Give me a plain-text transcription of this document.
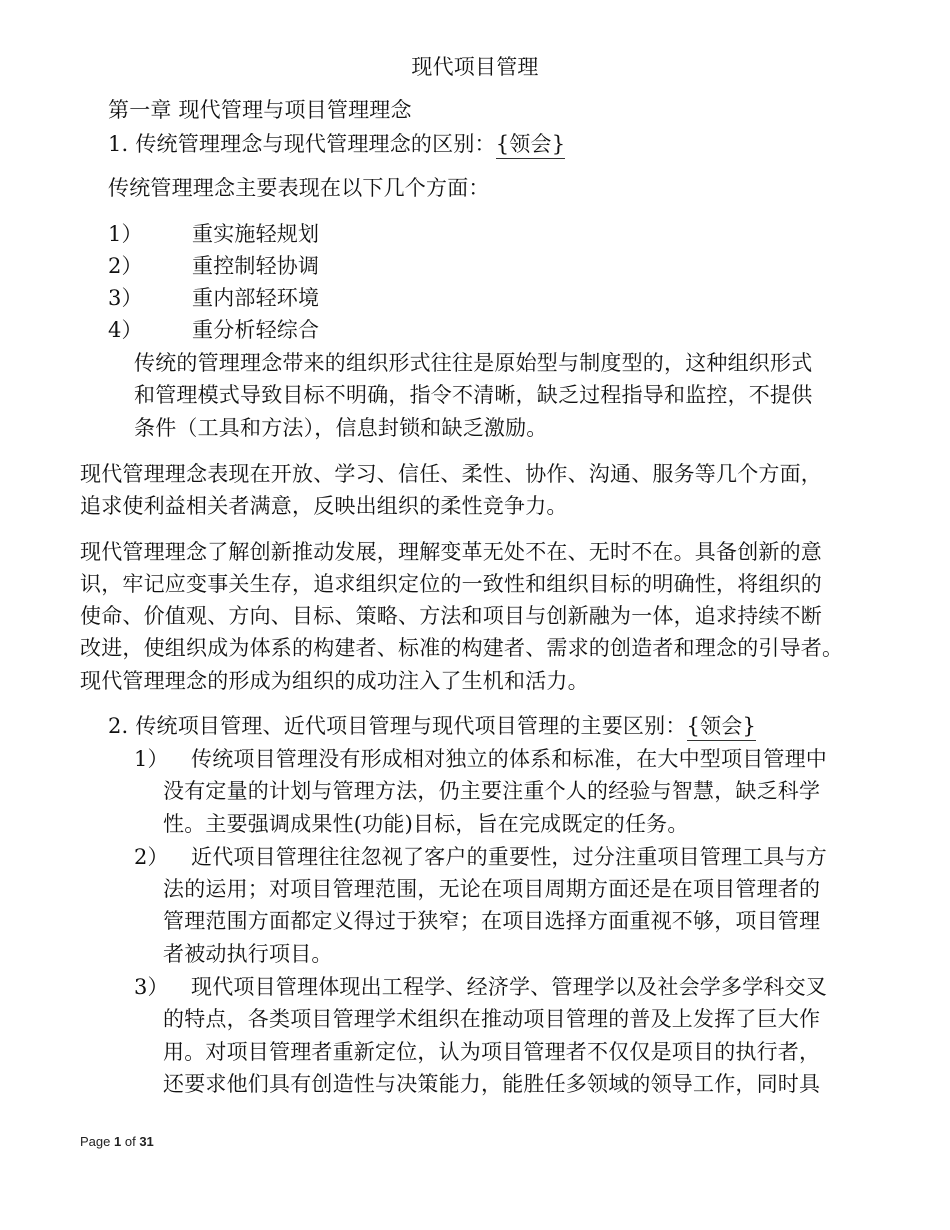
现代项目管理
第一章 现代管理与项目管理理念
1. 传统管理理念与现代管理理念的区别：{领会}
传统管理理念主要表现在以下几个方面：
1） 重实施轻规划
2） 重控制轻协调
3） 重内部轻环境
4） 重分析轻综合
传统的管理理念带来的组织形式往往是原始型与制度型的，这种组织形式
和管理模式导致目标不明确，指令不清晰，缺乏过程指导和监控，不提供
条件（工具和方法），信息封锁和缺乏激励。
现代管理理念表现在开放、学习、信任、柔性、协作、沟通、服务等几个方面，
追求使利益相关者满意，反映出组织的柔性竞争力。
现代管理理念了解创新推动发展，理解变革无处不在、无时不在。具备创新的意
识，牢记应变事关生存，追求组织定位的一致性和组织目标的明确性，将组织的
使命、价值观、方向、目标、策略、方法和项目与创新融为一体，追求持续不断
改进，使组织成为体系的构建者、标准的构建者、需求的创造者和理念的引导者。
现代管理理念的形成为组织的成功注入了生机和活力。
2. 传统项目管理、近代项目管理与现代项目管理的主要区别：{领会}
1） 传统项目管理没有形成相对独立的体系和标准，在大中型项目管理中
没有定量的计划与管理方法，仍主要注重个人的经验与智慧，缺乏科学
性。主要强调成果性(功能)目标，旨在完成既定的任务。
2） 近代项目管理往往忽视了客户的重要性，过分注重项目管理工具与方
法的运用；对项目管理范围，无论在项目周期方面还是在项目管理者的
管理范围方面都定义得过于狭窄；在项目选择方面重视不够，项目管理
者被动执行项目。
3） 现代项目管理体现出工程学、经济学、管理学以及社会学多学科交叉
的特点，各类项目管理学术组织在推动项目管理的普及上发挥了巨大作
用。对项目管理者重新定位，认为项目管理者不仅仅是项目的执行者，
还要求他们具有创造性与决策能力，能胜任多领域的领导工作，同时具
Page 1 of 31
